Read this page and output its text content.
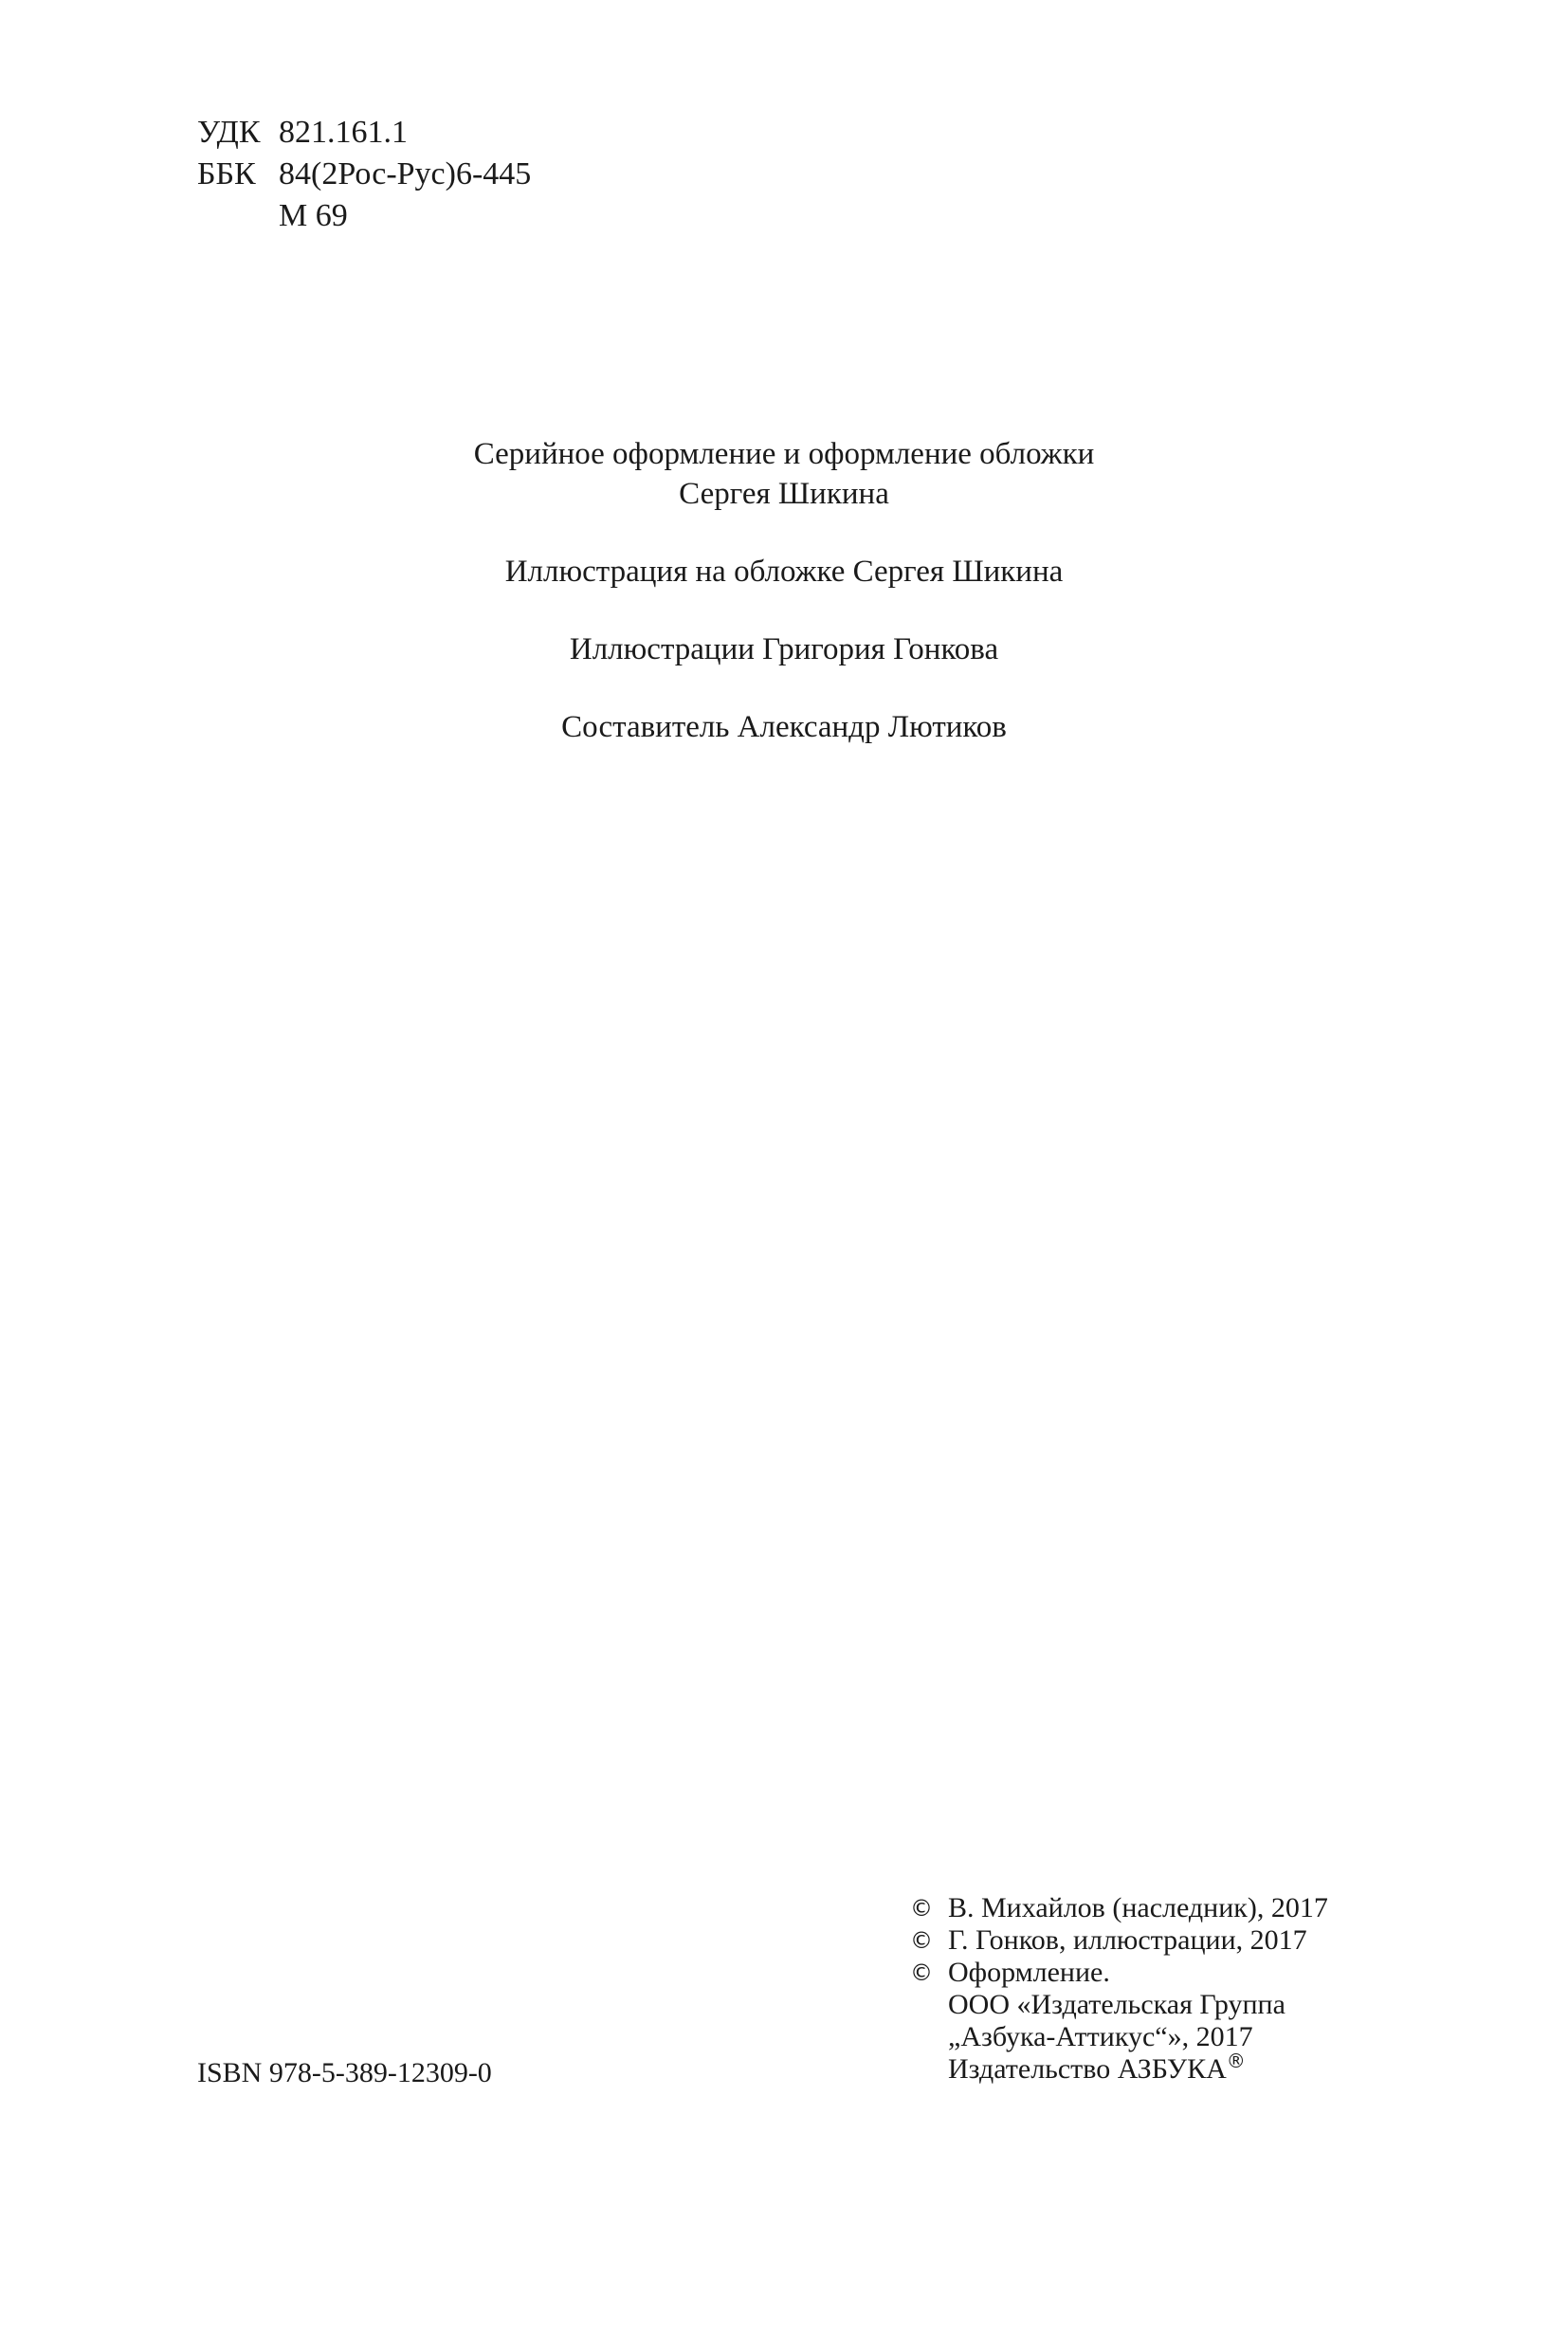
УДК 821.161.1
ББК 84(2Рос-Рус)6-445
М 69
Серийное оформление и оформление обложки
Сергея Шикина
Иллюстрация на обложке Сергея Шикина
Иллюстрации Григория Гонкова
Составитель Александр Лютиков
ISBN 978-5-389-12309-0
© В. Михайлов (наследник), 2017
© Г. Гонков, иллюстрации, 2017
© Оформление.
ООО «Издательская Группа
„Азбука-Аттикус“», 2017
Издательство АЗБУКА®
